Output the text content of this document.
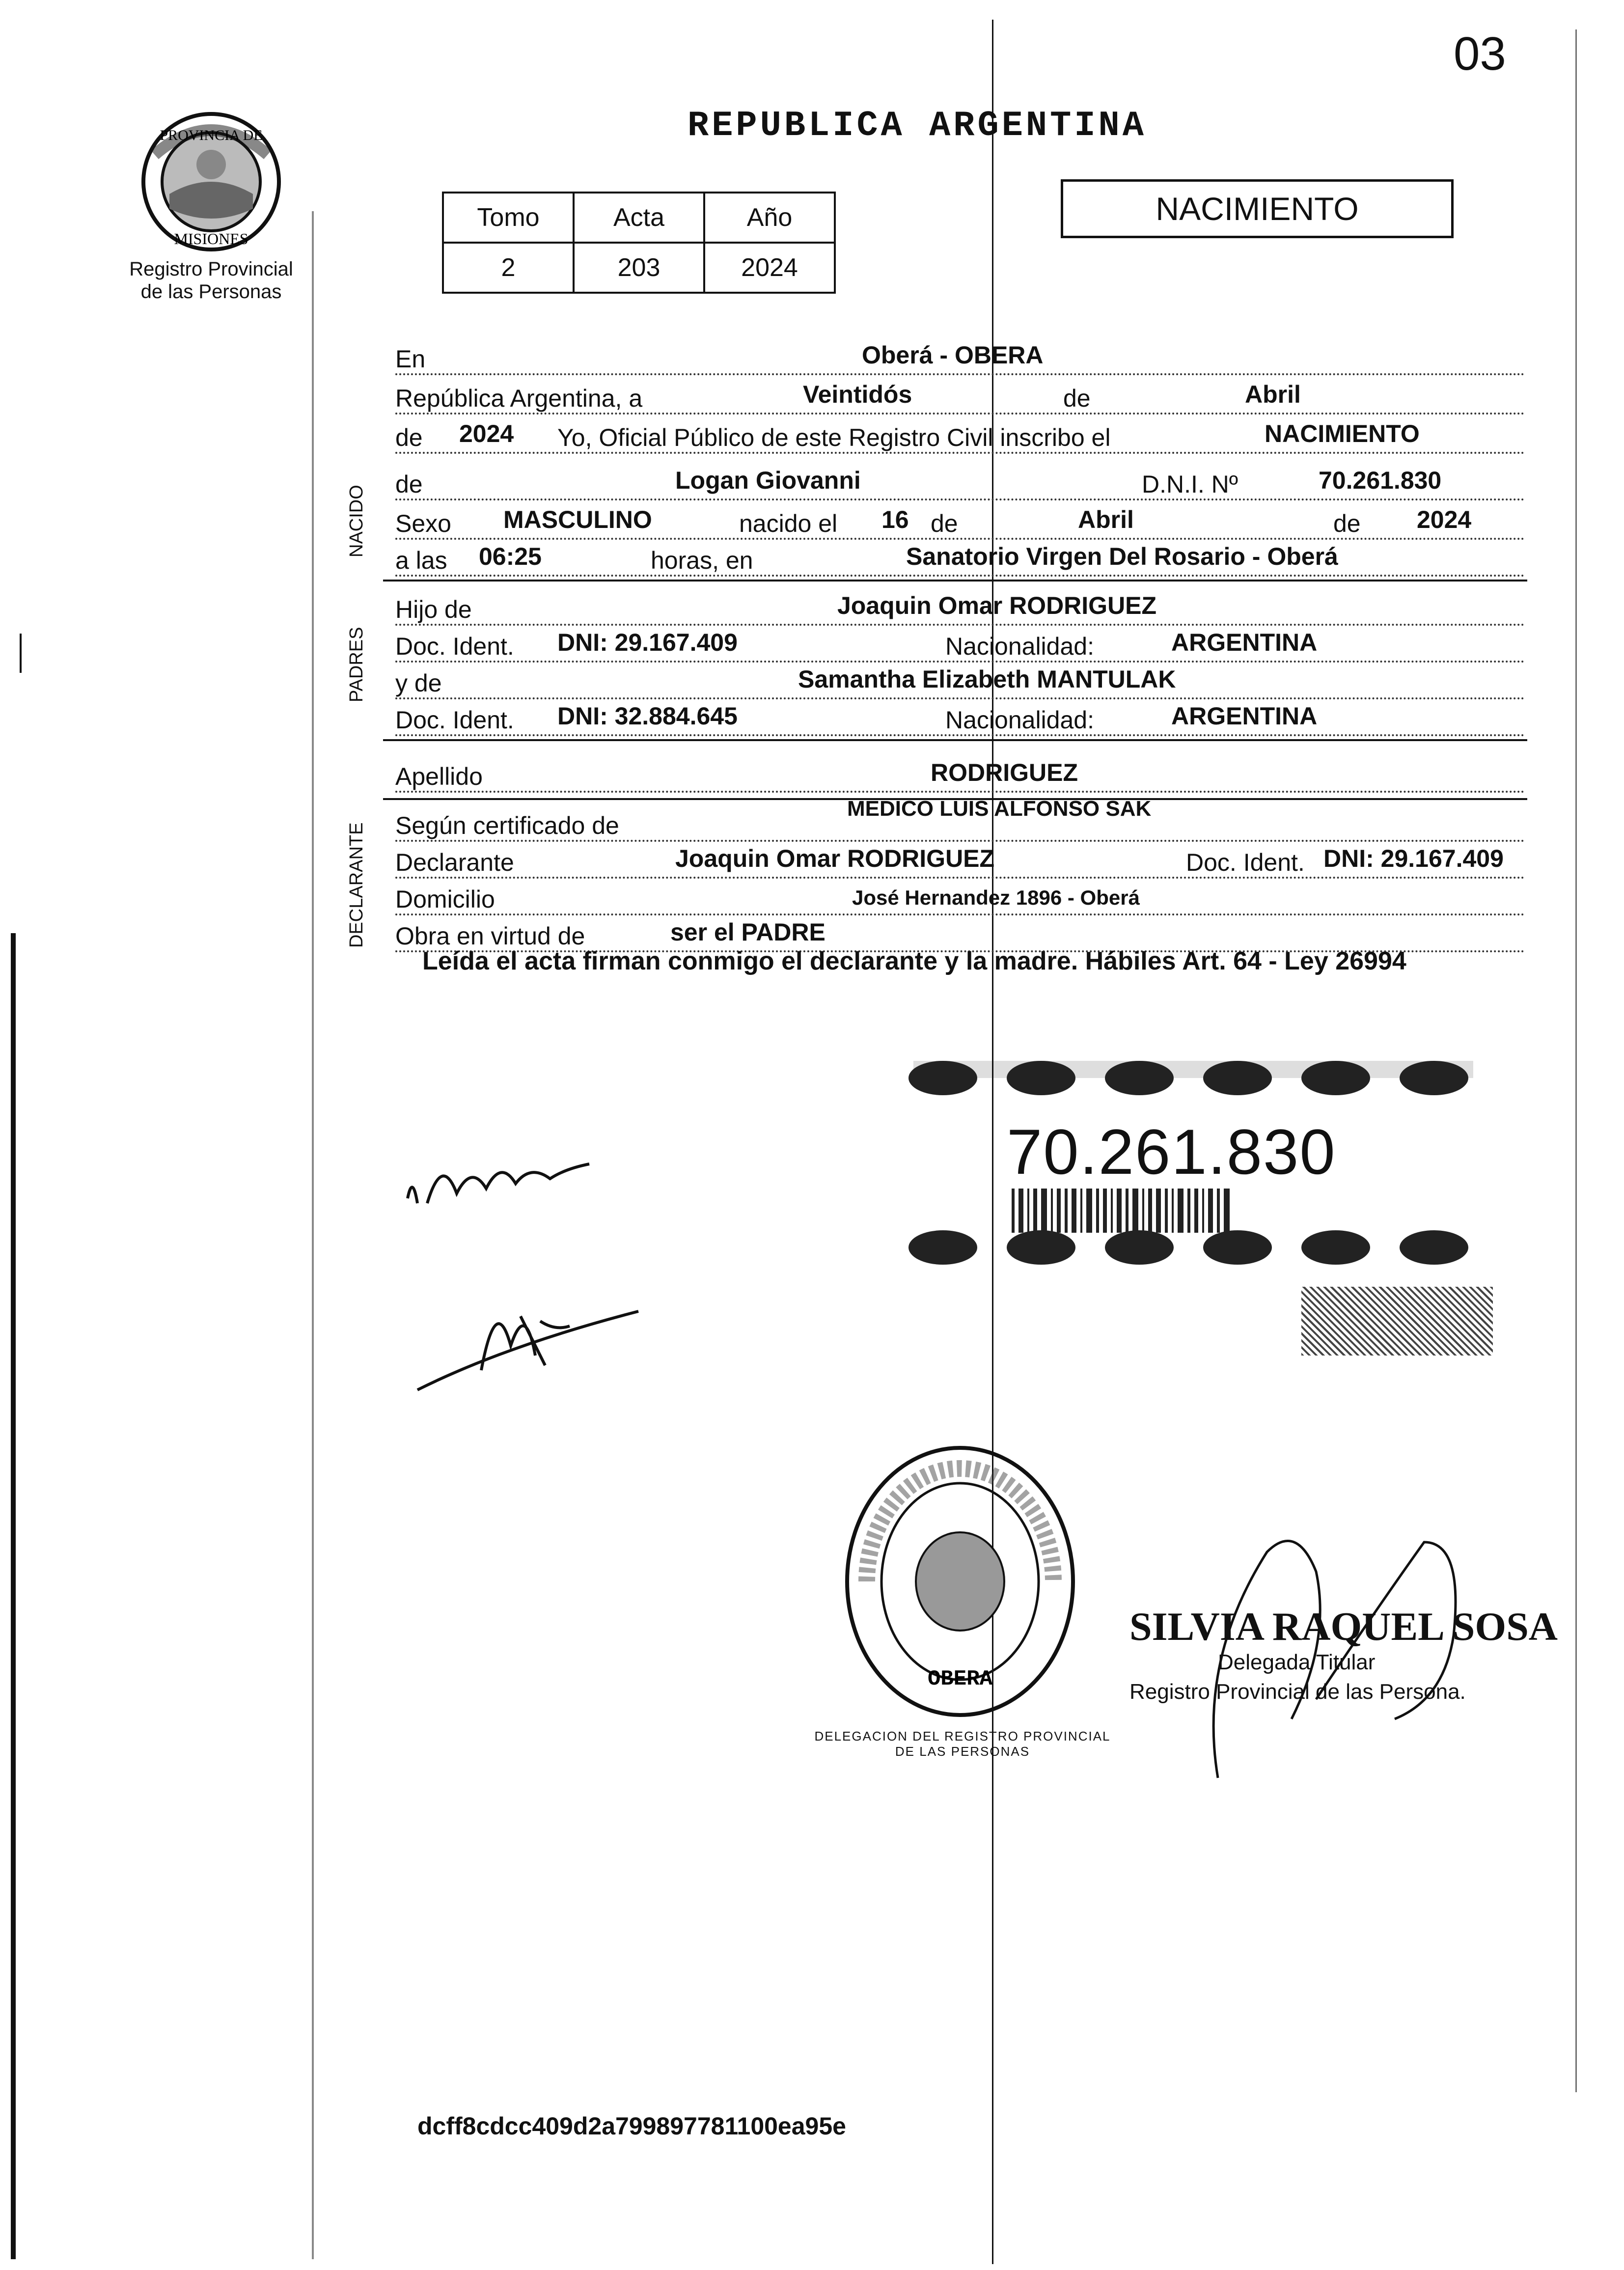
03
PROVINCIA DE
MISIONES
Registro Provincial
de las Personas
REPUBLICA ARGENTINA
Tomo	Acta	Año
2	203	2024
NACIMIENTO
En	Oberá - OBERA
República Argentina, a	Veintidós	de	Abril
de 2024 Yo, Oficial Público de este Registro Civil inscribo el	NACIMIENTO
NACIDO
PADRES
DECLARANTE
de	Logan Giovanni	D.N.I. Nº	70.261.830
Sexo MASCULINO	nacido el 16 de	Abril	de 2024
a las 06:25	horas, en	Sanatorio Virgen Del Rosario - Oberá
Hijo de	Joaquin Omar RODRIGUEZ
Doc. Ident. DNI: 29.167.409	Nacionalidad:	ARGENTINA
y de	Samantha Elizabeth MANTULAK
Doc. Ident. DNI: 32.884.645	Nacionalidad:	ARGENTINA
Apellido	RODRIGUEZ
Según certificado de
MEDICO LUIS ALFONSO SAK
Declarante	Joaquin Omar RODRIGUEZ	Doc. Ident. DNI: 29.167.409
Domicilio	José Hernandez 1896 - Oberá
Obra en virtud de	ser el PADRE
Leída el acta firman conmigo el declarante y la madre. Hábiles Art. 64 - Ley 26994
70.261.830
OBERA
DELEGACION DEL REGISTRO PROVINCIAL DE LAS PERSONAS
SILVIA RAQUEL SOSA
Delegada Titular
Registro Provincial de las Persona.
dcff8cdcc409d2a799897781100ea95e
